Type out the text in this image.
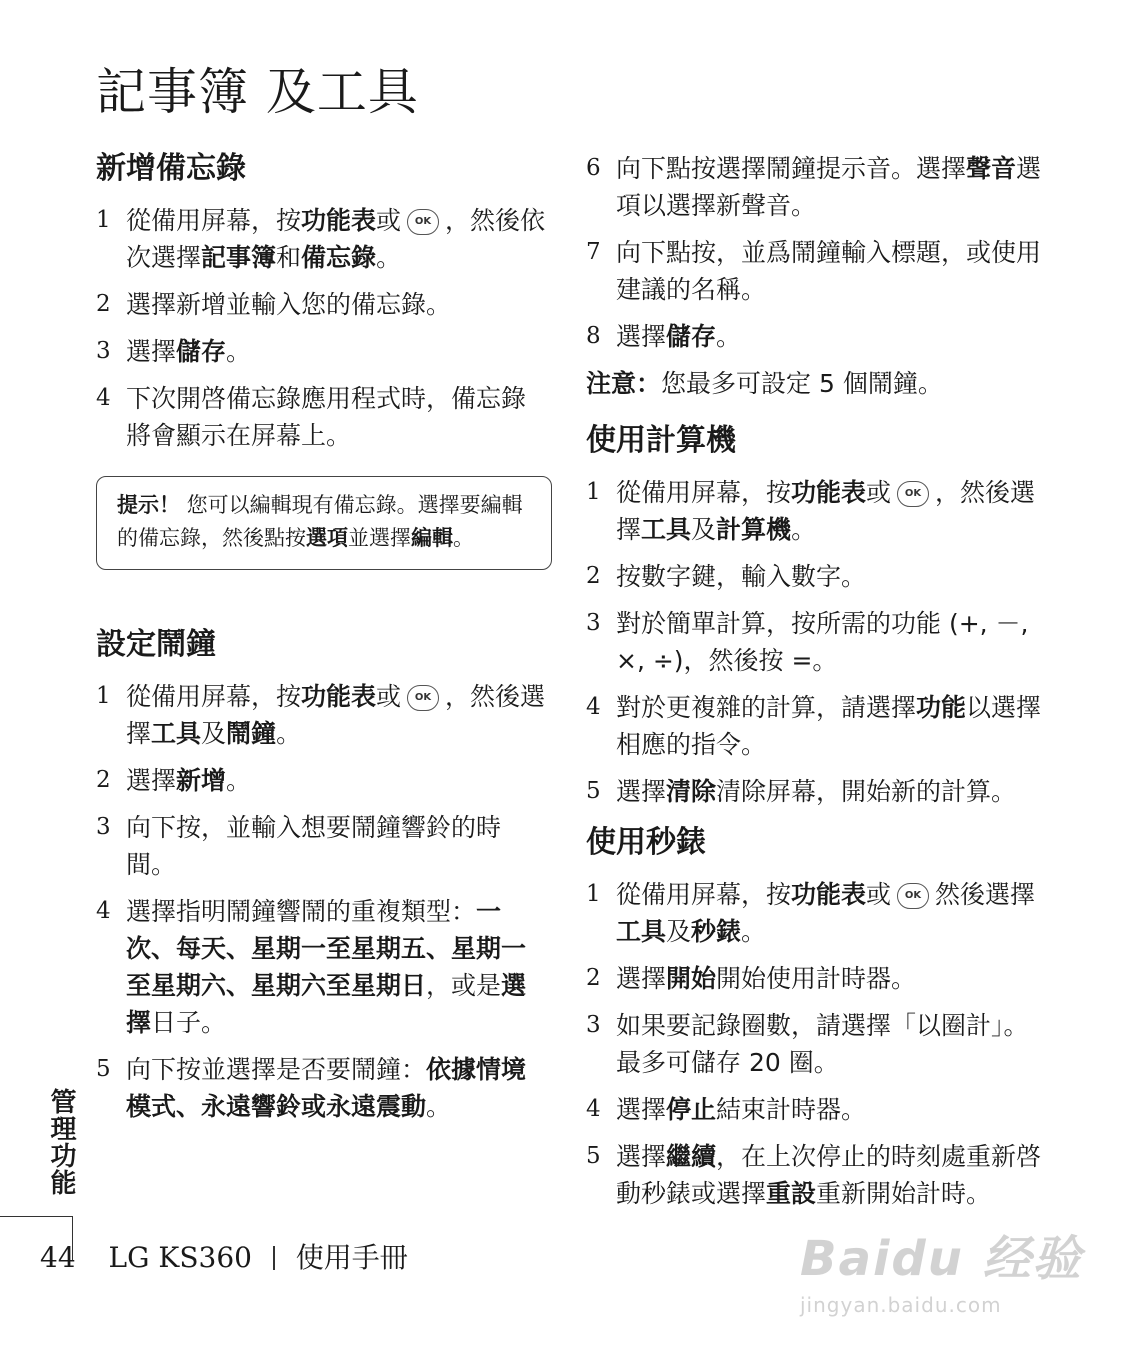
記事簿 及工具
新增備忘錄
1 從備用屏幕，按功能表或 OK ，然後依次選擇記事簿和備忘錄。
2 選擇新增並輸入您的備忘錄。
3 選擇儲存。
4 下次開啓備忘錄應用程式時，備忘錄將會顯示在屏幕上。
提示！ 您可以編輯現有備忘錄。選擇要編輯的備忘錄，然後點按選項並選擇編輯。
設定鬧鐘
1 從備用屏幕，按功能表或 OK ，然後選擇工具及鬧鐘。
2 選擇新增。
3 向下按，並輸入想要鬧鐘響鈴的時間。
4 選擇指明鬧鐘響鬧的重複類型：一次、每天、星期一至星期五、星期一至星期六、星期六至星期日，或是選擇日子。
5 向下按並選擇是否要鬧鐘：依據情境模式、永遠響鈴或永遠震動。
6 向下點按選擇鬧鐘提示音。選擇聲音選項以選擇新聲音。
7 向下點按，並爲鬧鐘輸入標題，或使用建議的名稱。
8 選擇儲存。
注意：您最多可設定 5 個鬧鐘。
使用計算機
1 從備用屏幕，按功能表或 OK ，然後選擇工具及計算機。
2 按數字鍵，輸入數字。
3 對於簡單計算，按所需的功能 (+, －, ×, ÷)，然後按 =。
4 對於更複雜的計算，請選擇功能以選擇相應的指令。
5 選擇清除清除屏幕，開始新的計算。
使用秒錶
1 從備用屏幕，按功能表或 OK 然後選擇工具及秒錶。
2 選擇開始開始使用計時器。
3 如果要記錄圈數，請選擇「以圈計」。 最多可儲存 20 圈。
4 選擇停止結束計時器。
5 選擇繼續，在上次停止的時刻處重新啓動秒錶或選擇重設重新開始計時。
管理功能
44 LG KS360 使用手冊	Baidu 经验
jingyan.baidu.com
